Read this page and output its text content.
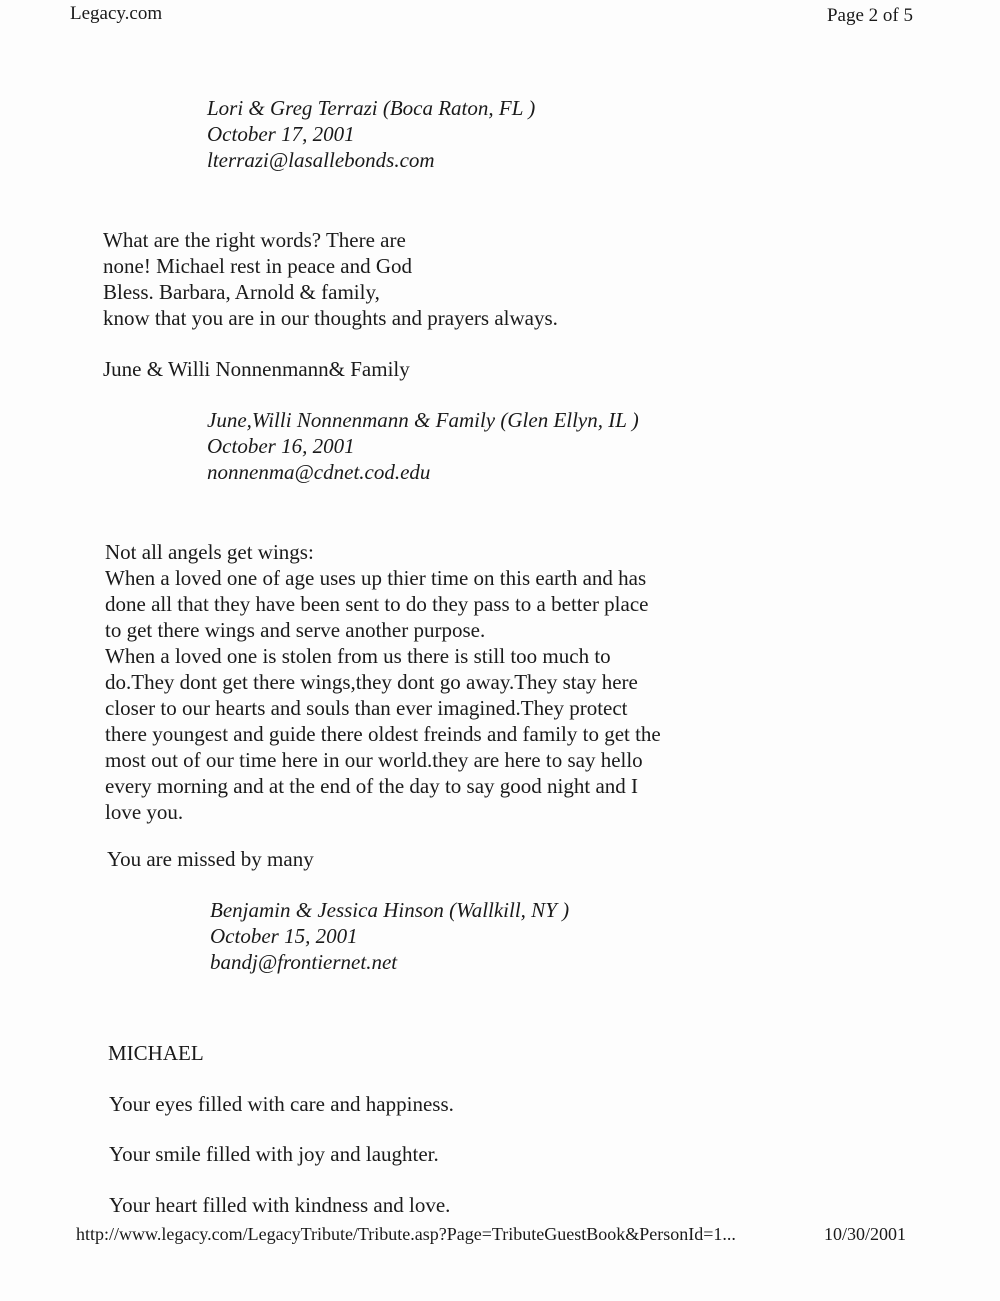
Legacy.com	Page 2 of 5
Lori & Greg Terrazi (Boca Raton, FL )
October 17, 2001
lterrazi@lasallebonds.com
What are the right words? There are
none! Michael rest in peace and God
Bless. Barbara, Arnold & family,
know that you are in our thoughts and prayers always.
June & Willi Nonnenmann& Family
June,Willi Nonnenmann & Family (Glen Ellyn, IL )
October 16, 2001
nonnenma@cdnet.cod.edu
Not all angels get wings:
When a loved one of age uses up thier time on this earth and has
done all that they have been sent to do they pass to a better place
to get there wings and serve another purpose.
When a loved one is stolen from us there is still too much to
do.They dont get there wings,they dont go away.They stay here
closer to our hearts and souls than ever imagined.They protect
there youngest and guide there oldest freinds and family to get the
most out of our time here in our world.they are here to say hello
every morning and at the end of the day to say good night and I
love you.
You are missed by many
Benjamin & Jessica Hinson (Wallkill, NY )
October 15, 2001
bandj@frontiernet.net
MICHAEL
Your eyes filled with care and happiness.
Your smile filled with joy and laughter.
Your heart filled with kindness and love.
http://www.legacy.com/LegacyTribute/Tribute.asp?Page=TributeGuestBook&PersonId=1...	10/30/2001
